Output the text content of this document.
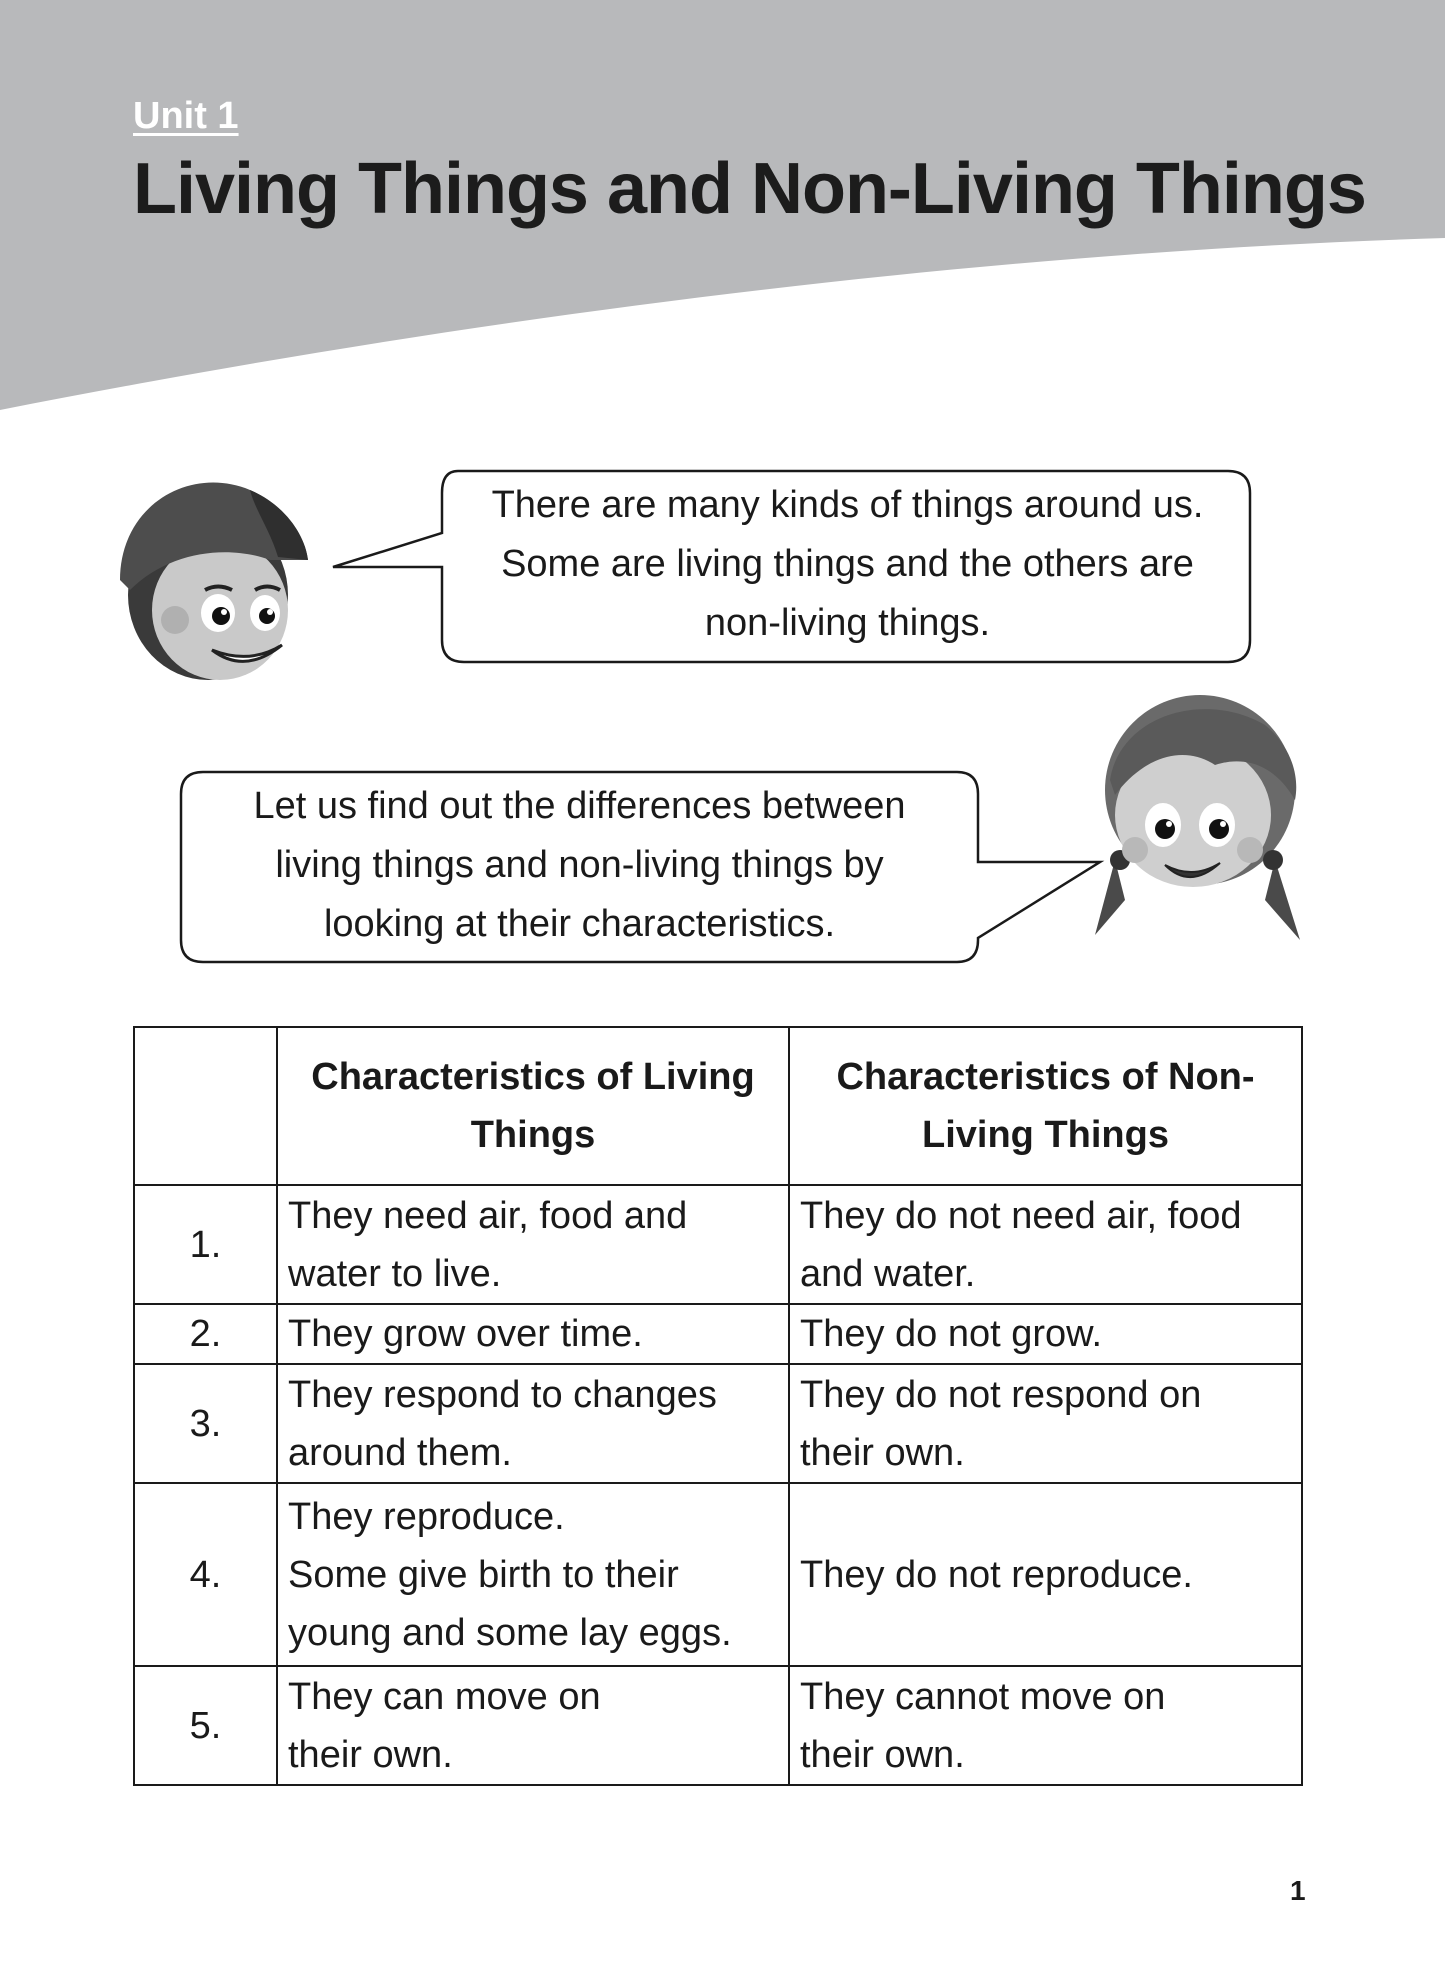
Unit 1
Living Things and Non-Living Things
There are many kinds of things around us.
Some are living things and the others are
non-living things.
Let us find out the differences between
living things and non-living things by
looking at their characteristics.
	Characteristics of Living Things	Characteristics of Non-Living Things
1.	They need air, food and
water to live.	They do not need air, food
and water.

2.	They grow over time.	They do not grow.

3.	They respond to changes
around them.	They do not respond on
their own.

4.	They reproduce.
Some give birth to their
young and some lay eggs.	They do not reproduce.

5.	They can move on
their own.	They cannot move on
their own.
1
